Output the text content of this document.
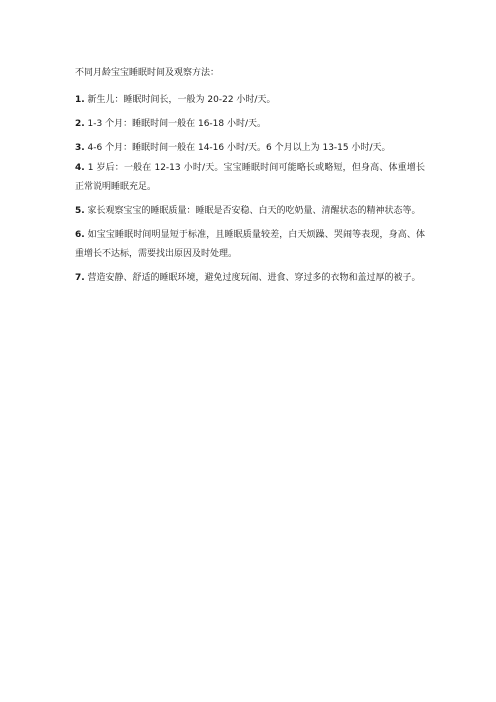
不同月龄宝宝睡眠时间及观察方法：
1. 新生儿：睡眠时间长，一般为 20-22 小时/天。
2. 1-3 个月：睡眠时间一般在 16-18 小时/天。
3. 4-6 个月：睡眠时间一般在 14-16 小时/天。6 个月以上为 13-15 小时/天。
4. 1 岁后：一般在 12-13 小时/天。宝宝睡眠时间可能略长或略短，但身高、体重增长正常说明睡眠充足。
5. 家长观察宝宝的睡眠质量：睡眠是否安稳、白天的吃奶量、清醒状态的精神状态等。
6. 如宝宝睡眠时间明显短于标准，且睡眠质量较差，白天烦躁、哭闹等表现，身高、体重增长不达标，需要找出原因及时处理。
7. 营造安静、舒适的睡眠环境，避免过度玩闹、进食、穿过多的衣物和盖过厚的被子。
